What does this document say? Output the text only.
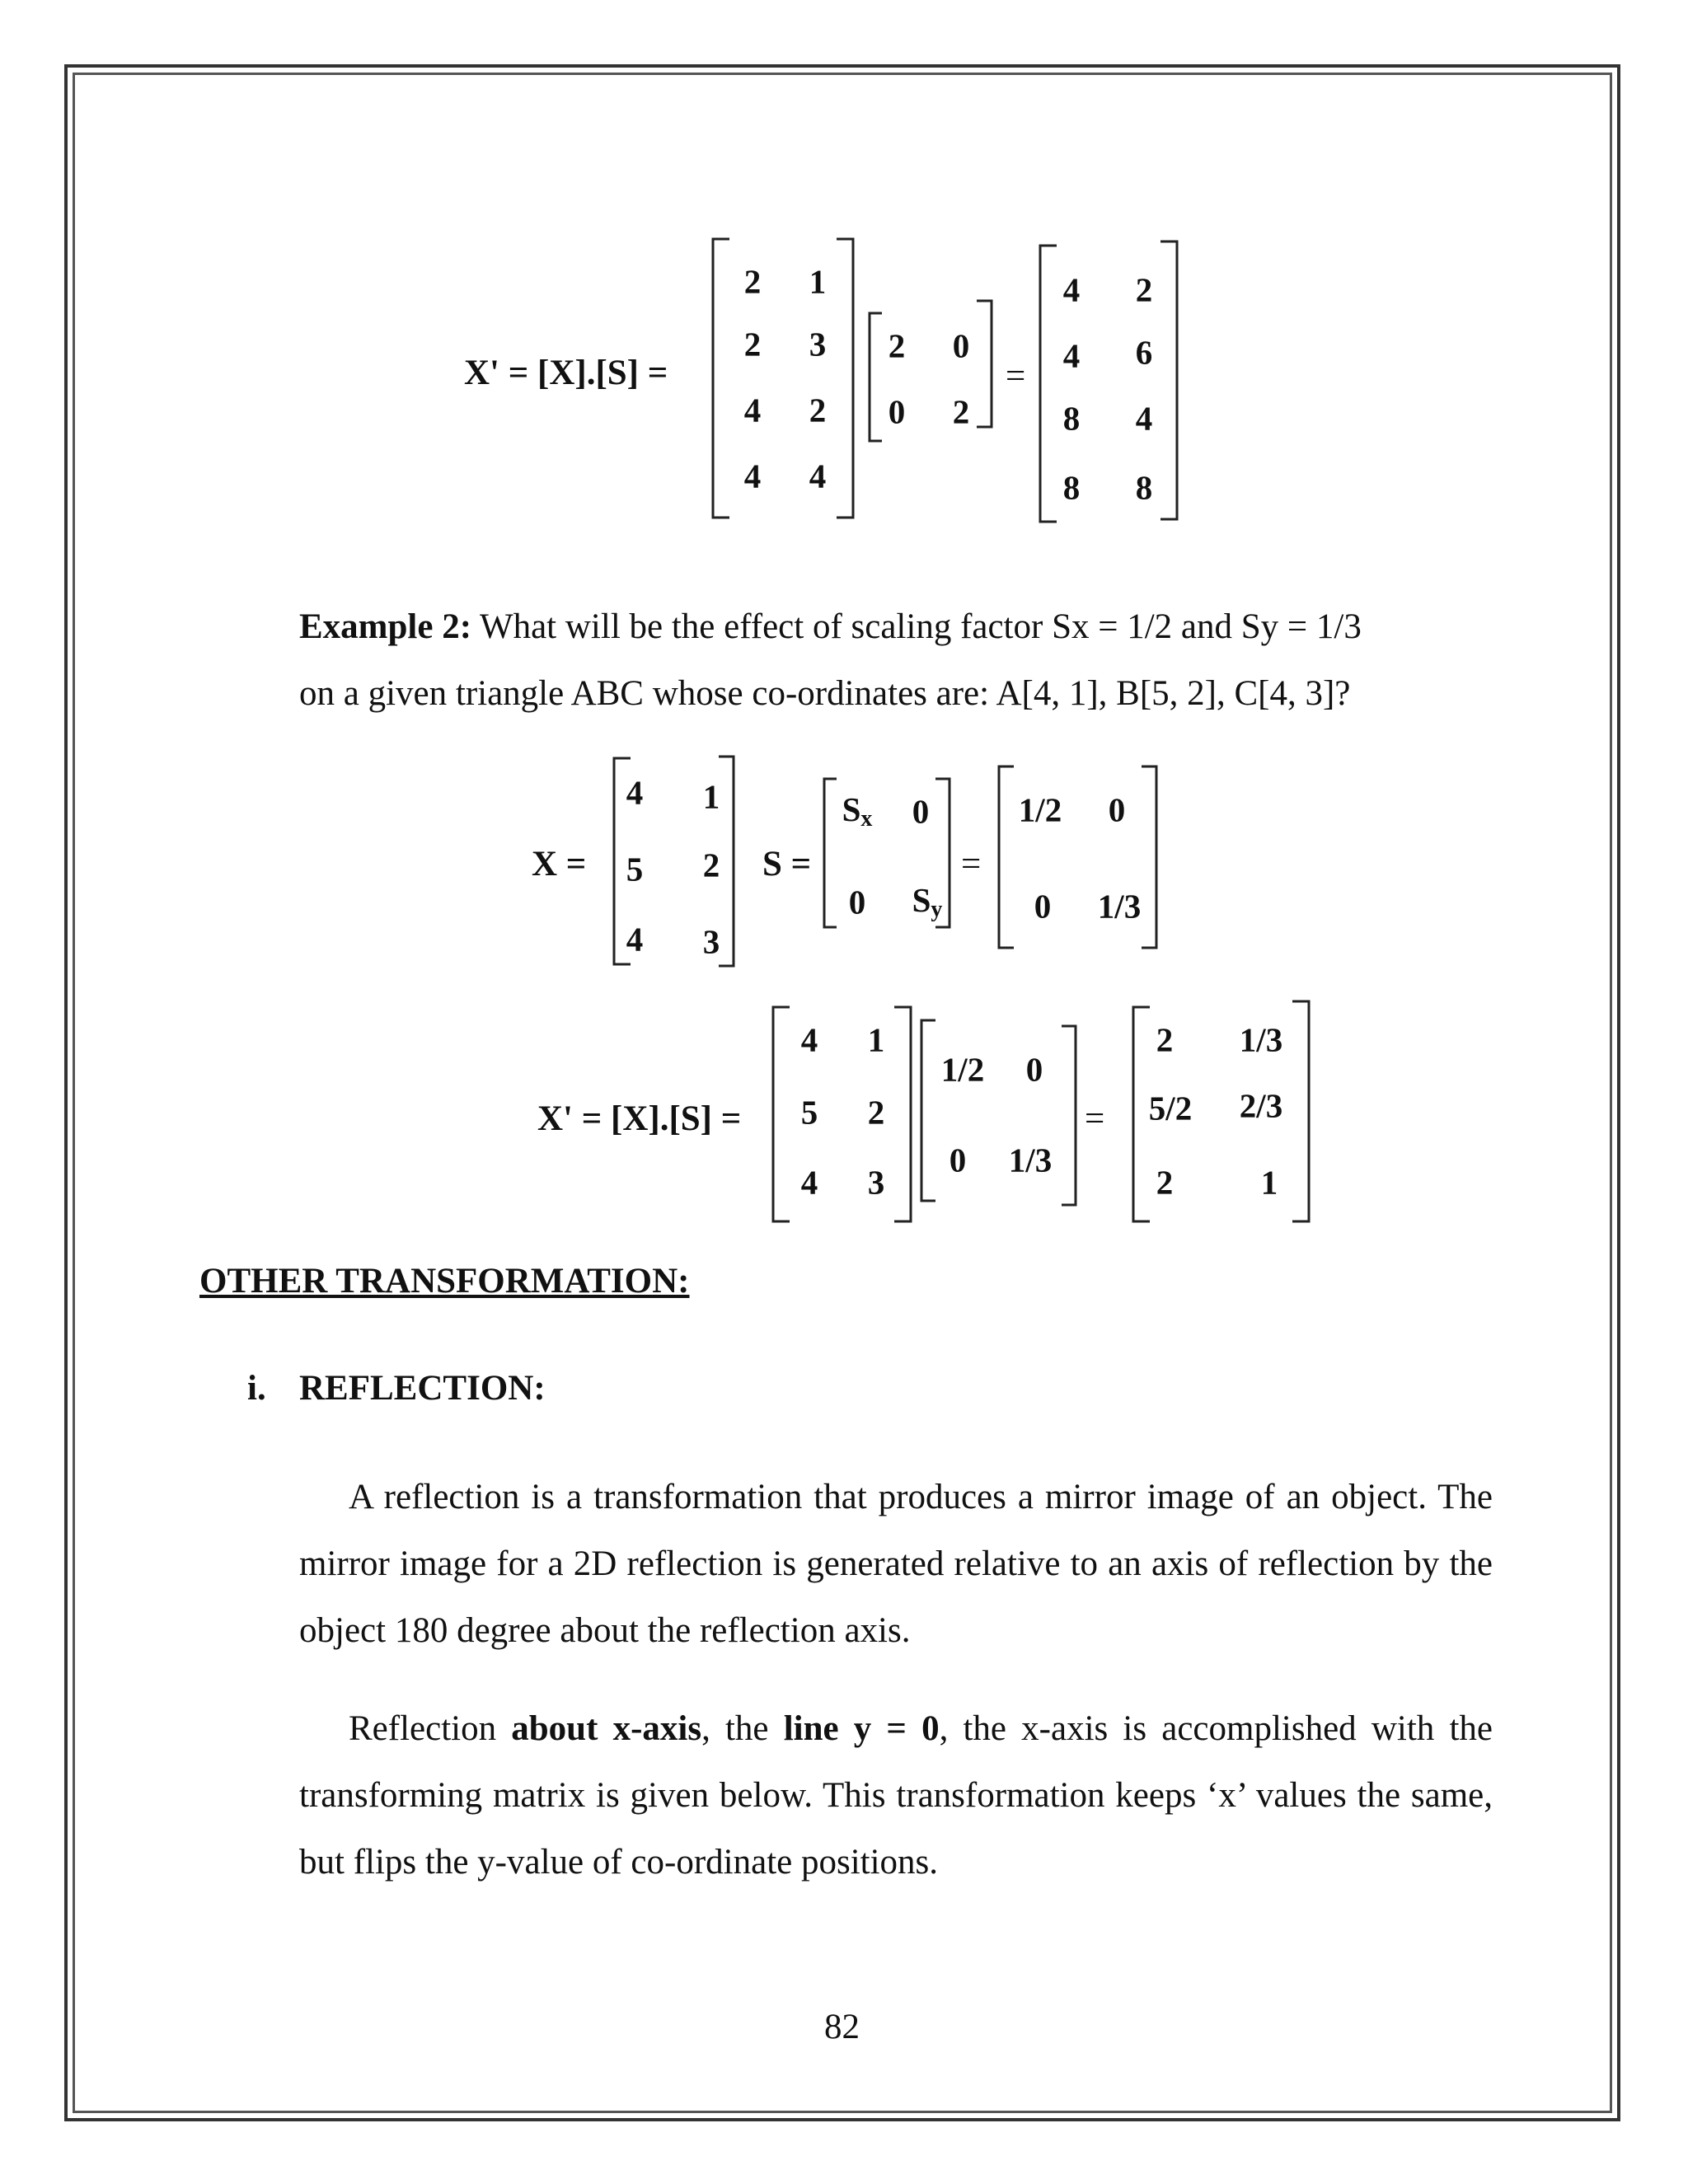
X' = [X].[S] =
2 1
2 3
4 2
4 4
2 0
0 2
=
4 2
4 6
8 4
8 8

Example 2: What will be the effect of scaling factor Sx = 1/2 and Sy = 1/3

on a given triangle ABC whose co-ordinates are: A[4, 1], B[5, 2], C[4, 3]?

X =
4 1
5 2
4 3
S =
$S_x$ 0
0 $S_y$
=
1/2 0
0 1/3
X' = [X].[S] =
4 1
5 2
4 3
1/2 0
0 1/3
=
2 1/3
5/2 2/3
2	1
OTHER TRANSFORMATION:
i. REFLECTION:

A reflection is a transformation that produces a mirror image of an object. The mirror image for a 2D reflection is generated relative to an axis of reflection by the object 180 degree about the reflection axis.

Reflection about x-axis, the line y = 0, the x-axis is accomplished with the transforming matrix is given below. This transformation keeps ‘x’ values the same, but flips the y-value of co-ordinate positions.

82
